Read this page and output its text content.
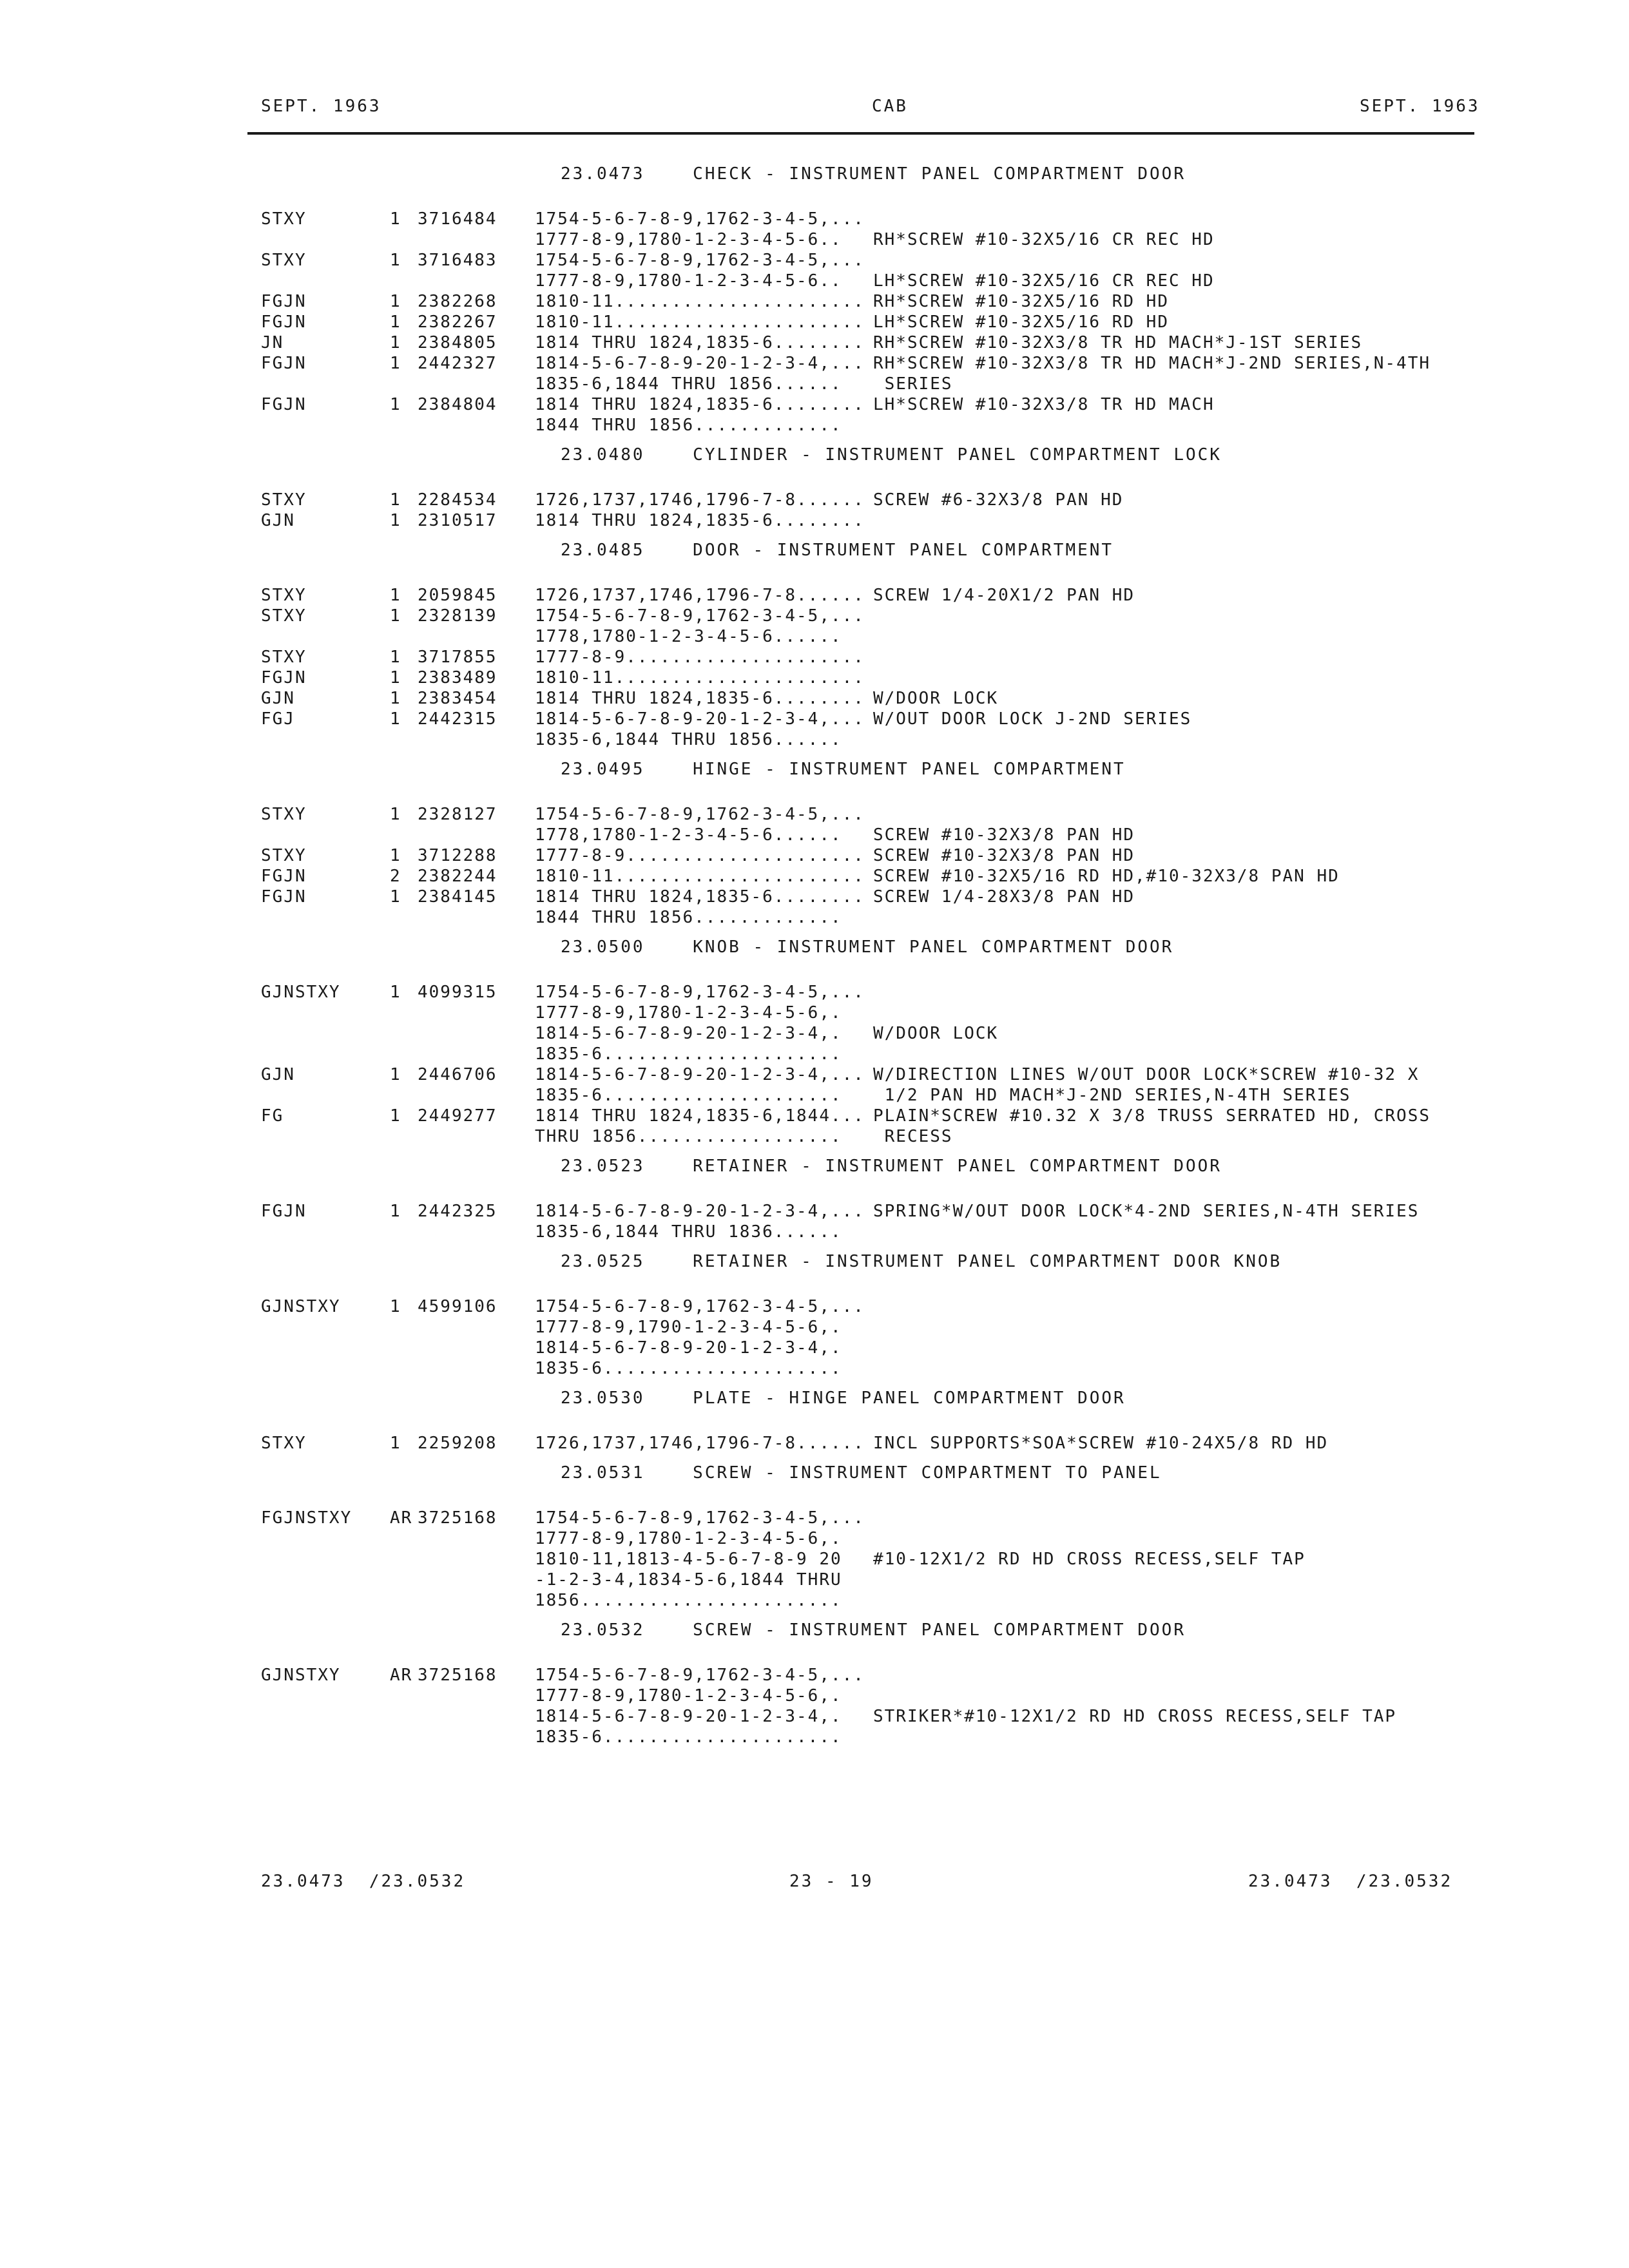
SEPT. 1963	CAB	SEPT. 1963
23.0473    CHECK - INSTRUMENT PANEL COMPARTMENT DOOR
STXY	1 3716484 1754-5-6-7-8-9,1762-3-4-5,...
1777-8-9,1780-1-2-3-4-5-6.. RH*SCREW #10-32X5/16 CR REC HD
STXY	1 3716483 1754-5-6-7-8-9,1762-3-4-5,...
1777-8-9,1780-1-2-3-4-5-6.. LH*SCREW #10-32X5/16 CR REC HD
FGJN	1 2382268 1810-11...................... RH*SCREW #10-32X5/16 RD HD
FGJN	1 2382267 1810-11...................... LH*SCREW #10-32X5/16 RD HD
JN	1 2384805 1814 THRU 1824,1835-6........ RH*SCREW #10-32X3/8 TR HD MACH*J-1ST SERIES
FGJN	1 2442327 1814-5-6-7-8-9-20-1-2-3-4,... RH*SCREW #10-32X3/8 TR HD MACH*J-2ND SERIES,N-4TH
1835-6,1844 THRU 1856...... SERIES
FGJN	1 2384804 1814 THRU 1824,1835-6........ LH*SCREW #10-32X3/8 TR HD MACH
1844 THRU 1856.............
23.0480    CYLINDER - INSTRUMENT PANEL COMPARTMENT LOCK
STXY	1 2284534 1726,1737,1746,1796-7-8...... SCREW #6-32X3/8 PAN HD
GJN	1 2310517 1814 THRU 1824,1835-6........
23.0485    DOOR - INSTRUMENT PANEL COMPARTMENT
STXY	1 2059845 1726,1737,1746,1796-7-8...... SCREW 1/4-20X1/2 PAN HD
STXY	1 2328139 1754-5-6-7-8-9,1762-3-4-5,...
1778,1780-1-2-3-4-5-6......
STXY	1 3717855 1777-8-9.....................
FGJN	1 2383489 1810-11......................
GJN	1 2383454 1814 THRU 1824,1835-6........ W/DOOR LOCK
FGJ	1 2442315 1814-5-6-7-8-9-20-1-2-3-4,... W/OUT DOOR LOCK J-2ND SERIES
1835-6,1844 THRU 1856......
23.0495    HINGE - INSTRUMENT PANEL COMPARTMENT
STXY	1 2328127 1754-5-6-7-8-9,1762-3-4-5,...
1778,1780-1-2-3-4-5-6...... SCREW #10-32X3/8 PAN HD
STXY	1 3712288 1777-8-9..................... SCREW #10-32X3/8 PAN HD
FGJN	2 2382244 1810-11...................... SCREW #10-32X5/16 RD HD,#10-32X3/8 PAN HD
FGJN	1 2384145 1814 THRU 1824,1835-6........ SCREW 1/4-28X3/8 PAN HD
1844 THRU 1856.............
23.0500    KNOB - INSTRUMENT PANEL COMPARTMENT DOOR
GJNSTXY	1 4099315 1754-5-6-7-8-9,1762-3-4-5,...
1777-8-9,1780-1-2-3-4-5-6,.
1814-5-6-7-8-9-20-1-2-3-4,. W/DOOR LOCK
1835-6.....................
GJN	1 2446706 1814-5-6-7-8-9-20-1-2-3-4,... W/DIRECTION LINES W/OUT DOOR LOCK*SCREW #10-32 X
1835-6..................... 1/2 PAN HD MACH*J-2ND SERIES,N-4TH SERIES
FG	1 2449277 1814 THRU 1824,1835-6,1844... PLAIN*SCREW #10.32 X 3/8 TRUSS SERRATED HD, CROSS
THRU 1856.................. RECESS
23.0523    RETAINER - INSTRUMENT PANEL COMPARTMENT DOOR
FGJN	1 2442325 1814-5-6-7-8-9-20-1-2-3-4,... SPRING*W/OUT DOOR LOCK*4-2ND SERIES,N-4TH SERIES
1835-6,1844 THRU 1836......
23.0525    RETAINER - INSTRUMENT PANEL COMPARTMENT DOOR KNOB
GJNSTXY	1 4599106 1754-5-6-7-8-9,1762-3-4-5,...
1777-8-9,1790-1-2-3-4-5-6,.
1814-5-6-7-8-9-20-1-2-3-4,.
1835-6.....................
23.0530    PLATE - HINGE PANEL COMPARTMENT DOOR
STXY	1 2259208 1726,1737,1746,1796-7-8...... INCL SUPPORTS*SOA*SCREW #10-24X5/8 RD HD
23.0531    SCREW - INSTRUMENT COMPARTMENT TO PANEL
FGJNSTXY AR 3725168 1754-5-6-7-8-9,1762-3-4-5,...
1777-8-9,1780-1-2-3-4-5-6,.
1810-11,1813-4-5-6-7-8-9 20 #10-12X1/2 RD HD CROSS RECESS,SELF TAP
-1-2-3-4,1834-5-6,1844 THRU
1856.......................
23.0532    SCREW - INSTRUMENT PANEL COMPARTMENT DOOR
GJNSTXY	AR 3725168 1754-5-6-7-8-9,1762-3-4-5,...
1777-8-9,1780-1-2-3-4-5-6,.
1814-5-6-7-8-9-20-1-2-3-4,. STRIKER*#10-12X1/2 RD HD CROSS RECESS,SELF TAP
1835-6.....................
23.0473  /23.0532	23 - 19	23.0473  /23.0532
